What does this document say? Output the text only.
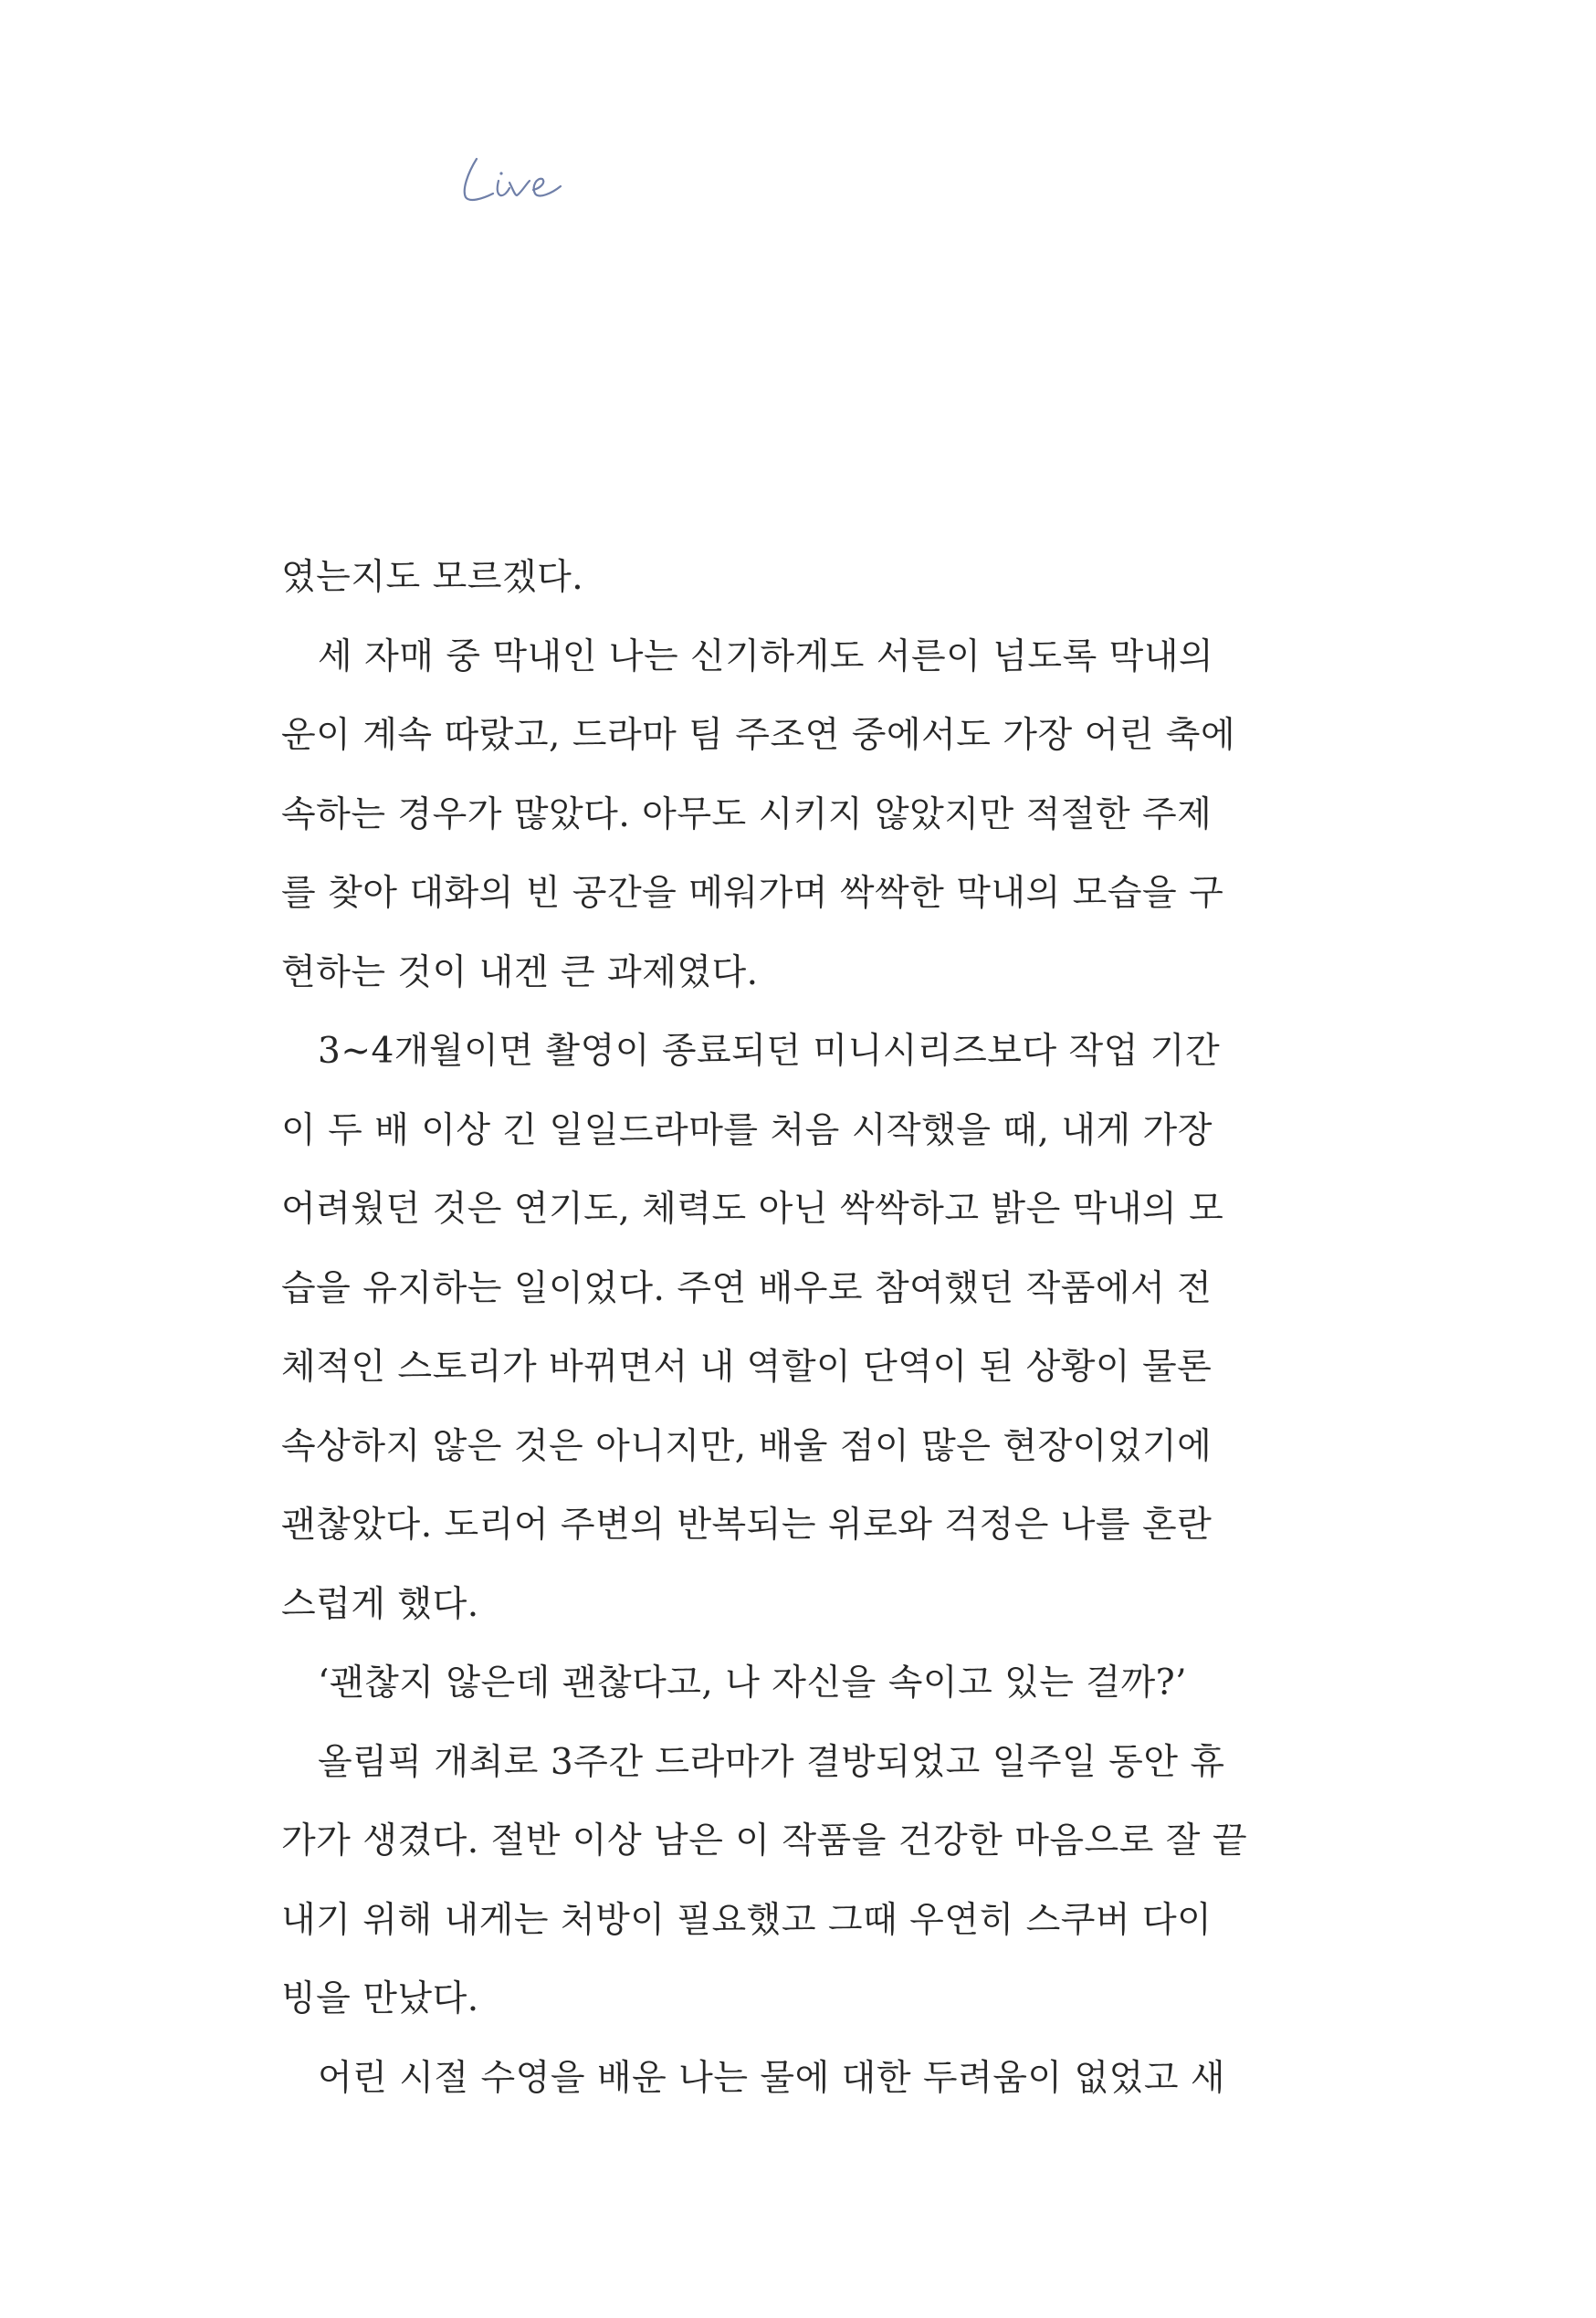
였는지도 모르겠다.
세 자매 중 막내인 나는 신기하게도 서른이 넘도록 막내의
운이 계속 따랐고, 드라마 팀 주조연 중에서도 가장 어린 축에
속하는 경우가 많았다. 아무도 시키지 않았지만 적절한 주제
를 찾아 대화의 빈 공간을 메워가며 싹싹한 막내의 모습을 구
현하는 것이 내겐 큰 과제였다.
3~4개월이면 촬영이 종료되던 미니시리즈보다 작업 기간
이 두 배 이상 긴 일일드라마를 처음 시작했을 때, 내게 가장
어려웠던 것은 연기도, 체력도 아닌 싹싹하고 밝은 막내의 모
습을 유지하는 일이었다. 주연 배우로 참여했던 작품에서 전
체적인 스토리가 바뀌면서 내 역할이 단역이 된 상황이 물론
속상하지 않은 것은 아니지만, 배울 점이 많은 현장이었기에
괜찮았다. 도리어 주변의 반복되는 위로와 걱정은 나를 혼란
스럽게 했다.
‘괜찮지 않은데 괜찮다고, 나 자신을 속이고 있는 걸까?’
올림픽 개최로 3주간 드라마가 결방되었고 일주일 동안 휴
가가 생겼다. 절반 이상 남은 이 작품을 건강한 마음으로 잘 끝
내기 위해 내게는 처방이 필요했고 그때 우연히 스쿠버 다이
빙을 만났다.
어린 시절 수영을 배운 나는 물에 대한 두려움이 없었고 새
